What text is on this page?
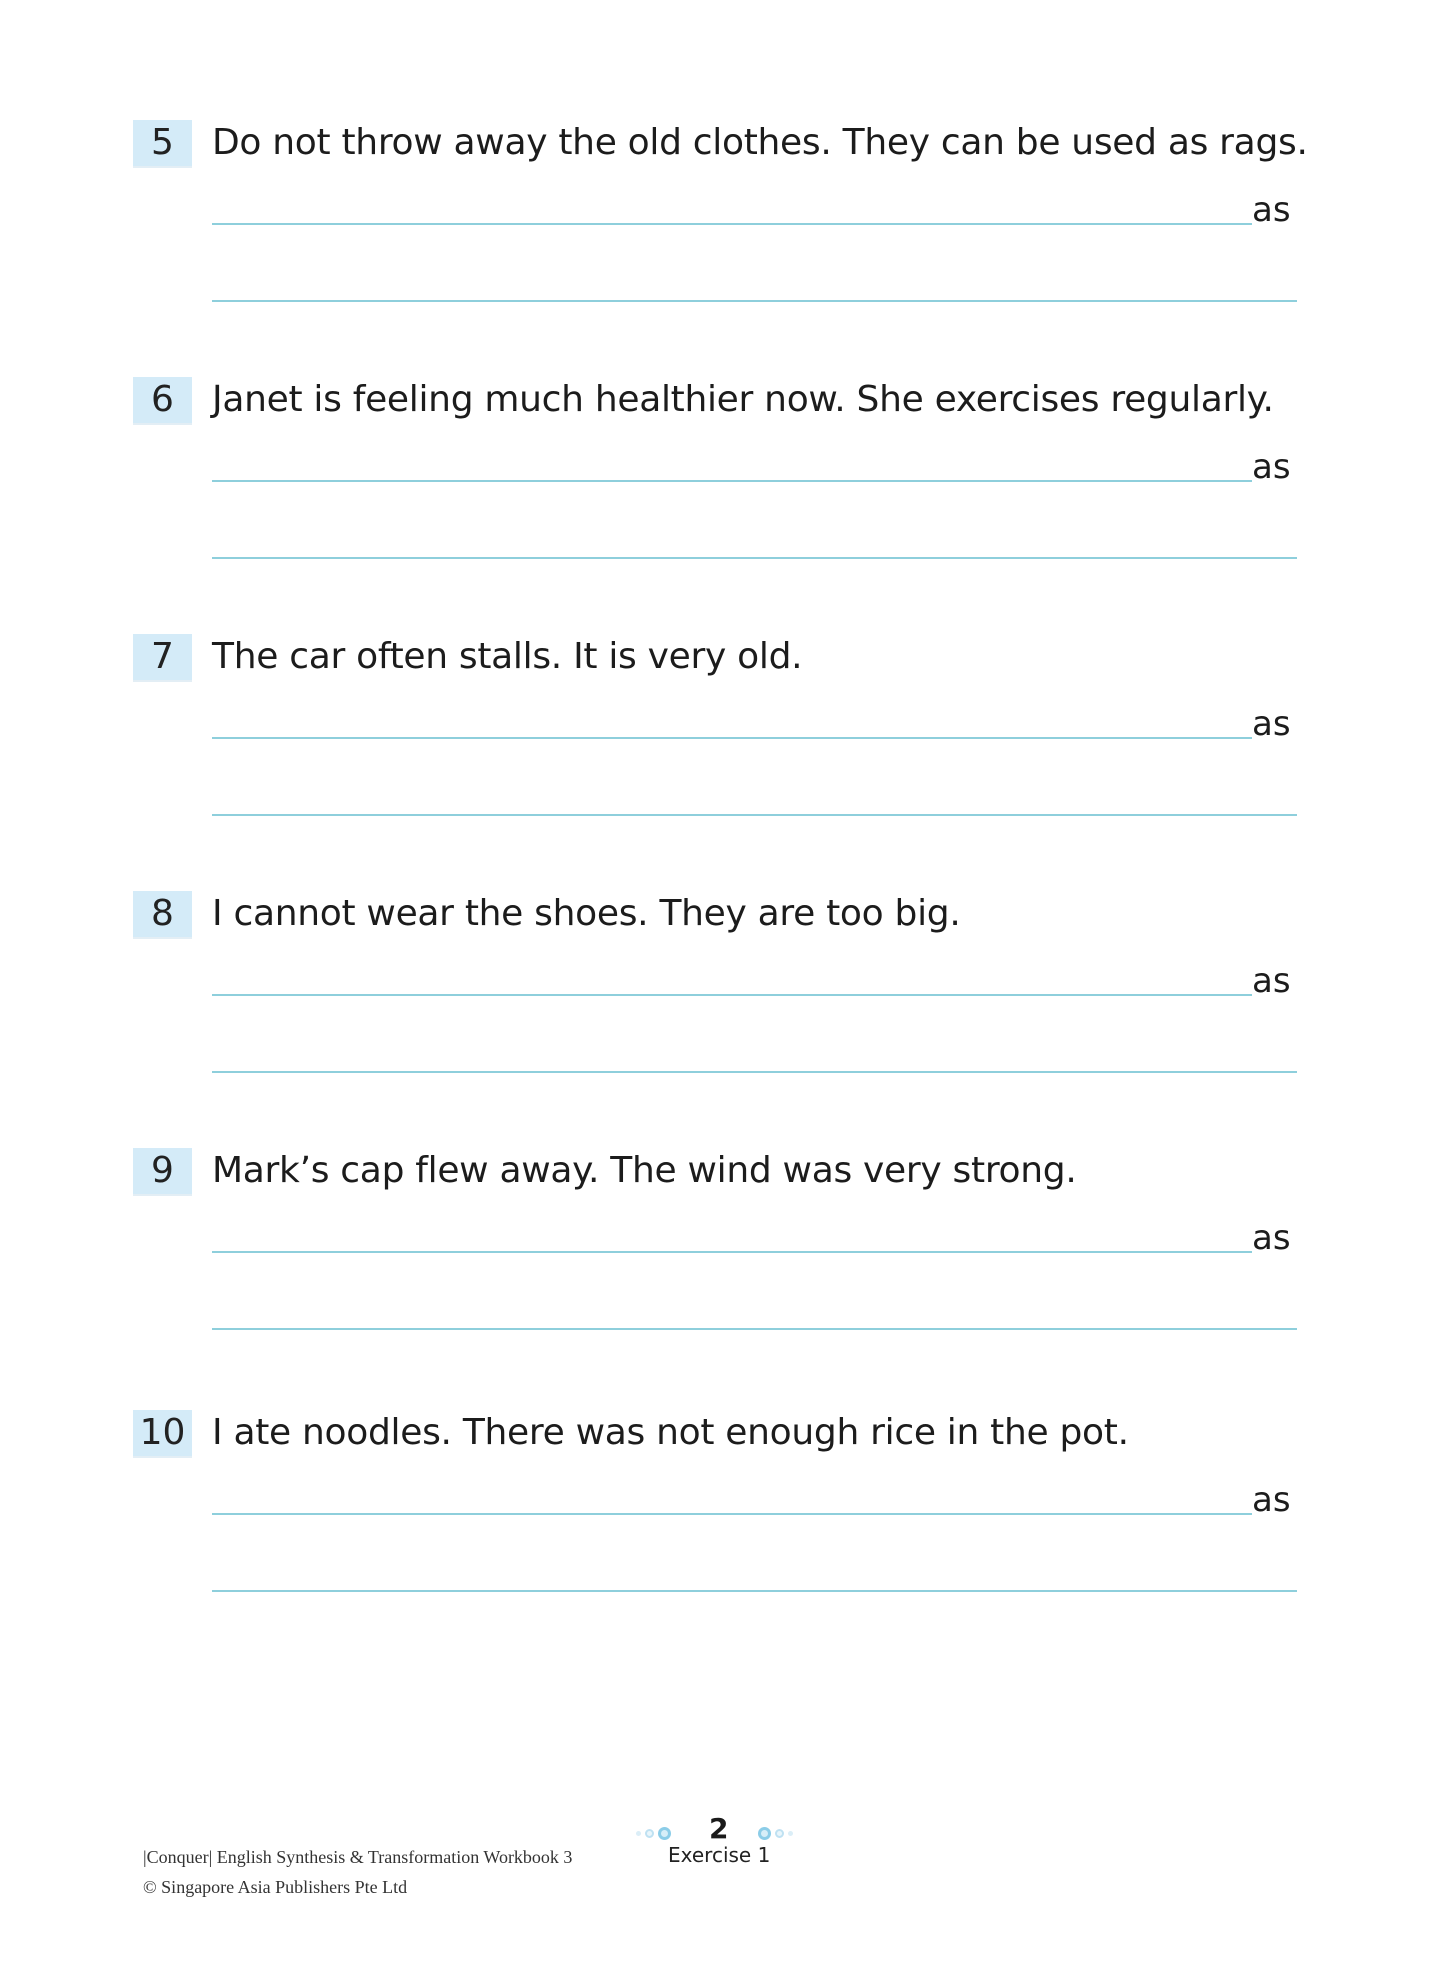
5	Do not throw away the old clothes. They can be used as rags.
as
6	Janet is feeling much healthier now. She exercises regularly.
as
7	The car often stalls. It is very old.
as
8	I cannot wear the shoes. They are too big.
as
9	Mark’s cap flew away. The wind was very strong.
as
10 I ate noodles. There was not enough rice in the pot.
as
|Conquer| English Synthesis & Transformation Workbook 3
© Singapore Asia Publishers Pte Ltd
2
Exercise 1
